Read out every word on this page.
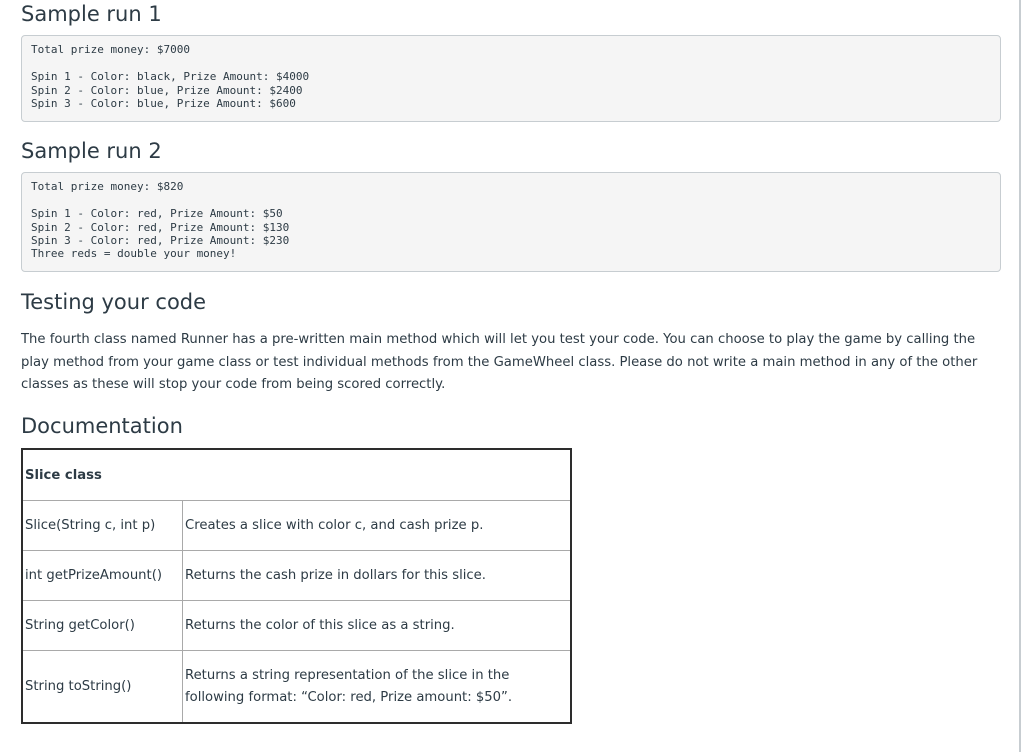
Sample run 1
Total prize money: $7000
Spin 1 - Color: black, Prize Amount: $4000
Spin 2 - Color: blue, Prize Amount: $2400
Spin 3 - Color: blue, Prize Amount: $600
Sample run 2
Total prize money: $820
Spin 1 - Color: red, Prize Amount: $50
Spin 2 - Color: red, Prize Amount: $130
Spin 3 - Color: red, Prize Amount: $230
Three reds = double your money!
Testing your code

The fourth class named Runner has a pre-written main method which will let you test your code. You can choose to play the game by calling the play method from your game class or test individual methods from the GameWheel class. Please do not write a main method in any of the other classes as these will stop your code from being scored correctly.

Documentation
Slice class	
Slice(String c, int p)	Creates a slice with color c, and cash prize p.
int getPrizeAmount()	Returns the cash prize in dollars for this slice.
String getColor()	Returns the color of this slice as a string.
String toString()	Returns a string representation of the slice in the following format: “Color: red, Prize amount: $50”.
